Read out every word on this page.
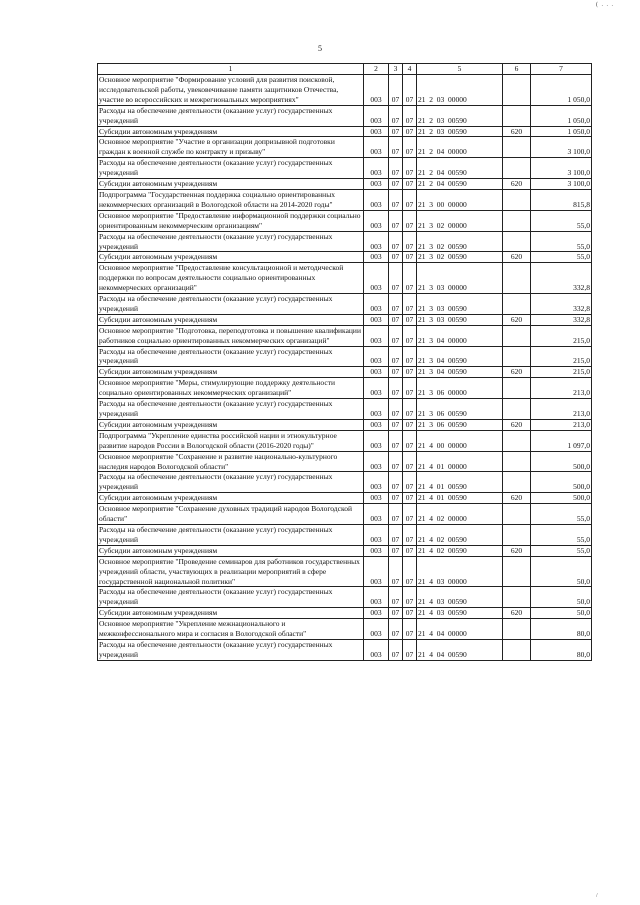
( . . .
5
1	2	3	4	5	6	7
Основное мероприятие "Формирование условий для развития поисковой, исследовательской работы, увековечивание памяти защитников Отечества, участие во всероссийских и межрегиональных мероприятиях"	003	07	07	21  2  03  00000		1 050,0
Расходы на обеспечение деятельности (оказание услуг) государственных учреждений	003	07	07	21  2  03  00590		1 050,0
Субсидии автономным учреждениям	003	07	07	21  2  03  00590	620	1 050,0
Основное мероприятие "Участие в организации допризывной подготовки граждан к военной службе по контракту и призыву"	003	07	07	21  2  04  00000		3 100,0
Расходы на обеспечение деятельности (оказание услуг) государственных учреждений	003	07	07	21  2  04  00590		3 100,0
Субсидии автономным учреждениям	003	07	07	21  2  04  00590	620	3 100,0
Подпрограмма "Государственная поддержка социально ориентированных некоммерческих организаций в Вологодской области на 2014-2020 годы"	003	07	07	21  3  00  00000		815,8
Основное мероприятие "Предоставление информационной поддержки социально ориентированным некоммерческим организациям"	003	07	07	21  3  02  00000		55,0
Расходы на обеспечение деятельности (оказание услуг) государственных учреждений	003	07	07	21  3  02  00590		55,0
Субсидии автономным учреждениям	003	07	07	21  3  02  00590	620	55,0
Основное мероприятие "Предоставление консультационной и методической поддержки по вопросам деятельности социально ориентированных некоммерческих организаций"	003	07	07	21  3  03  00000		332,8
Расходы на обеспечение деятельности (оказание услуг) государственных учреждений	003	07	07	21  3  03  00590		332,8
Субсидии автономным учреждениям	003	07	07	21  3  03  00590	620	332,8
Основное мероприятие "Подготовка, переподготовка и повышение квалификации работников социально ориентированных некоммерческих организаций"	003	07	07	21  3  04  00000		215,0
Расходы на обеспечение деятельности (оказание услуг) государственных учреждений	003	07	07	21  3  04  00590		215,0
Субсидии автономным учреждениям	003	07	07	21  3  04  00590	620	215,0
Основное мероприятие "Меры, стимулирующие поддержку деятельности социально ориентированных некоммерческих организаций"	003	07	07	21  3  06  00000		213,0
Расходы на обеспечение деятельности (оказание услуг) государственных учреждений	003	07	07	21  3  06  00590		213,0
Субсидии автономным учреждениям	003	07	07	21  3  06  00590	620	213,0
Подпрограмма "Укрепление единства российской нации и этнокультурное развитие народов России в Вологодской области (2016-2020 годы)"	003	07	07	21  4  00  00000		1 097,0
Основное мероприятие "Сохранение и развитие национально-культурного наследия народов Вологодской области"	003	07	07	21  4  01  00000		500,0
Расходы на обеспечение деятельности (оказание услуг) государственных учреждений	003	07	07	21  4  01  00590		500,0
Субсидии автономным учреждениям	003	07	07	21  4  01  00590	620	500,0
Основное мероприятие "Сохранение духовных традиций народов Вологодской области"	003	07	07	21  4  02  00000		55,0
Расходы на обеспечение деятельности (оказание услуг) государственных учреждений	003	07	07	21  4  02  00590		55,0
Субсидии автономным учреждениям	003	07	07	21  4  02  00590	620	55,0
Основное мероприятие "Проведение семинаров для работников государственных учреждений области, участвующих в реализации мероприятий в сфере государственной национальной политики"	003	07	07	21  4  03  00000		50,0
Расходы на обеспечение деятельности (оказание услуг) государственных учреждений	003	07	07	21  4  03  00590		50,0
Субсидии автономным учреждениям	003	07	07	21  4  03  00590	620	50,0
Основное мероприятие "Укрепление межнационального и межконфессионального мира и согласия в Вологодской области"	003	07	07	21  4  04  00000		80,0
Расходы на обеспечение деятельности (оказание услуг) государственных учреждений	003	07	07	21  4  04  00590		80,0
/
